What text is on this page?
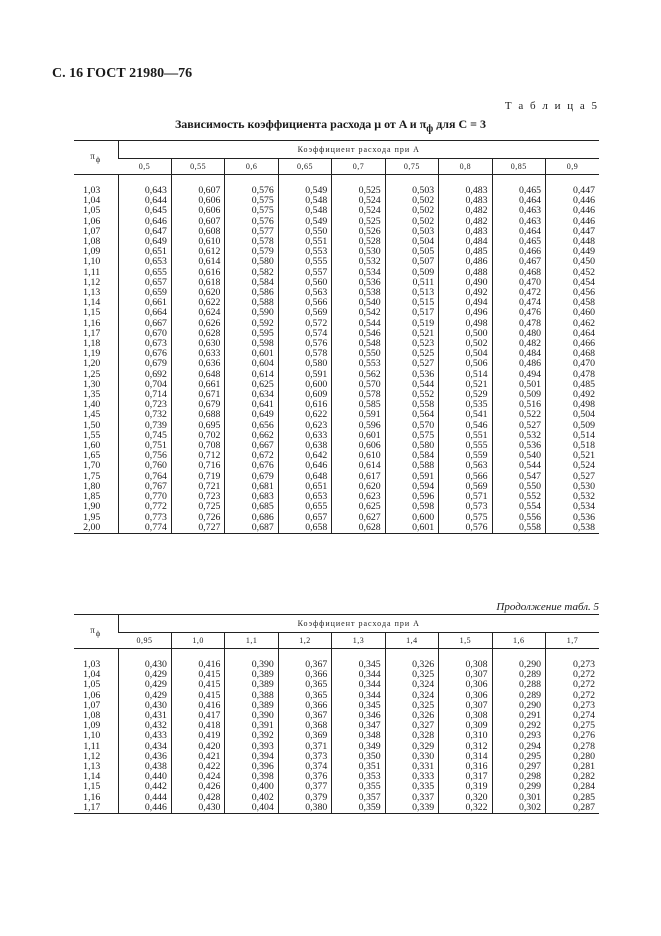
С. 16 ГОСТ 21980—76
Т а б л и ц а 5
Зависимость коэффициента расхода μ от A и $\pi_ф$ для C = 3
$\pi_ф$	Коэффициент расхода при A								
	0,5	0,55	0,6	0,65	0,7	0,75	0,8	0,85	0,9

1,03	0,643	0,607	0,576	0,549	0,525	0,503	0,483	0,465	0,447
1,04	0,644	0,606	0,575	0,548	0,524	0,502	0,483	0,464	0,446
1,05	0,645	0,606	0,575	0,548	0,524	0,502	0,482	0,463	0,446
1,06	0,646	0,607	0,576	0,549	0,525	0,502	0,482	0,463	0,446
1,07	0,647	0,608	0,577	0,550	0,526	0,503	0,483	0,464	0,447
1,08	0,649	0,610	0,578	0,551	0,528	0,504	0,484	0,465	0,448
1,09	0,651	0,612	0,579	0,553	0,530	0,505	0,485	0,466	0,449
1,10	0,653	0,614	0,580	0,555	0,532	0,507	0,486	0,467	0,450
1,11	0,655	0,616	0,582	0,557	0,534	0,509	0,488	0,468	0,452
1,12	0,657	0,618	0,584	0,560	0,536	0,511	0,490	0,470	0,454
1,13	0,659	0,620	0,586	0,563	0,538	0,513	0,492	0,472	0,456
1,14	0,661	0,622	0,588	0,566	0,540	0,515	0,494	0,474	0,458
1,15	0,664	0,624	0,590	0,569	0,542	0,517	0,496	0,476	0,460
1,16	0,667	0,626	0,592	0,572	0,544	0,519	0,498	0,478	0,462
1,17	0,670	0,628	0,595	0,574	0,546	0,521	0,500	0,480	0,464
1,18	0,673	0,630	0,598	0,576	0,548	0,523	0,502	0,482	0,466
1,19	0,676	0,633	0,601	0,578	0,550	0,525	0,504	0,484	0,468
1,20	0,679	0,636	0,604	0,580	0,553	0,527	0,506	0,486	0,470
1,25	0,692	0,648	0,614	0,591	0,562	0,536	0,514	0,494	0,478
1,30	0,704	0,661	0,625	0,600	0,570	0,544	0,521	0,501	0,485
1,35	0,714	0,671	0,634	0,609	0,578	0,552	0,529	0,509	0,492
1,40	0,723	0,679	0,641	0,616	0,585	0,558	0,535	0,516	0,498
1,45	0,732	0,688	0,649	0,622	0,591	0,564	0,541	0,522	0,504
1,50	0,739	0,695	0,656	0,623	0,596	0,570	0,546	0,527	0,509
1,55	0,745	0,702	0,662	0,633	0,601	0,575	0,551	0,532	0,514
1,60	0,751	0,708	0,667	0,638	0,606	0,580	0,555	0,536	0,518
1,65	0,756	0,712	0,672	0,642	0,610	0,584	0,559	0,540	0,521
1,70	0,760	0,716	0,676	0,646	0,614	0,588	0,563	0,544	0,524
1,75	0,764	0,719	0,679	0,648	0,617	0,591	0,566	0,547	0,527
1,80	0,767	0,721	0,681	0,651	0,620	0,594	0,569	0,550	0,530
1,85	0,770	0,723	0,683	0,653	0,623	0,596	0,571	0,552	0,532
1,90	0,772	0,725	0,685	0,655	0,625	0,598	0,573	0,554	0,534
1,95	0,773	0,726	0,686	0,657	0,627	0,600	0,575	0,556	0,536
2,00	0,774	0,727	0,687	0,658	0,628	0,601	0,576	0,558	0,538
Продолжение табл. 5
$\pi_ф$	Коэффициент расхода при A								
	0,95	1,0	1,1	1,2	1,3	1,4	1,5	1,6	1,7

1,03	0,430	0,416	0,390	0,367	0,345	0,326	0,308	0,290	0,273
1,04	0,429	0,415	0,389	0,366	0,344	0,325	0,307	0,289	0,272
1,05	0,429	0,415	0,389	0,365	0,344	0,324	0,306	0,288	0,272
1,06	0,429	0,415	0,388	0,365	0,344	0,324	0,306	0,289	0,272
1,07	0,430	0,416	0,389	0,366	0,345	0,325	0,307	0,290	0,273
1,08	0,431	0,417	0,390	0,367	0,346	0,326	0,308	0,291	0,274
1,09	0,432	0,418	0,391	0,368	0,347	0,327	0,309	0,292	0,275
1,10	0,433	0,419	0,392	0,369	0,348	0,328	0,310	0,293	0,276
1,11	0,434	0,420	0,393	0,371	0,349	0,329	0,312	0,294	0,278
1,12	0,436	0,421	0,394	0,373	0,350	0,330	0,314	0,295	0,280
1,13	0,438	0,422	0,396	0,374	0,351	0,331	0,316	0,297	0,281
1,14	0,440	0,424	0,398	0,376	0,353	0,333	0,317	0,298	0,282
1,15	0,442	0,426	0,400	0,377	0,355	0,335	0,319	0,299	0,284
1,16	0,444	0,428	0,402	0,379	0,357	0,337	0,320	0,301	0,285
1,17	0,446	0,430	0,404	0,380	0,359	0,339	0,322	0,302	0,287
